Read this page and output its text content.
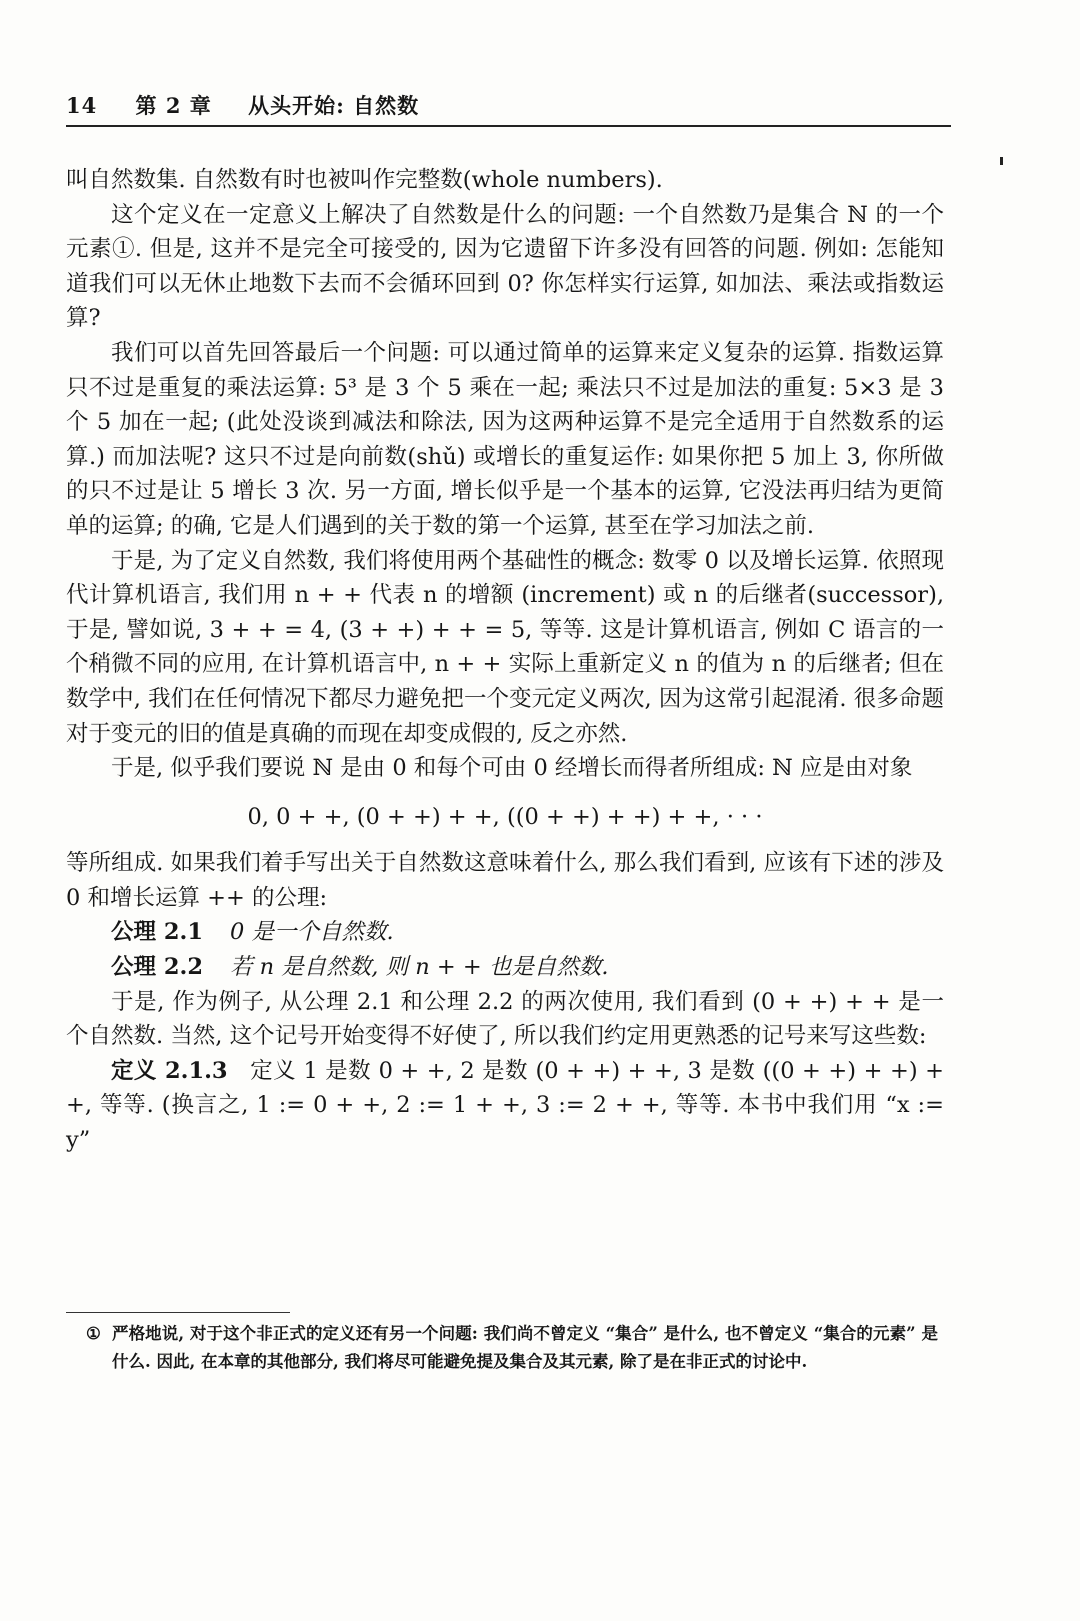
14 第 2 章 从头开始: 自然数

叫自然数集. 自然数有时也被叫作完整数(whole numbers).

这个定义在一定意义上解决了自然数是什么的问题: 一个自然数乃是集合 ℕ 的一个元素①. 但是, 这并不是完全可接受的, 因为它遗留下许多没有回答的问题. 例如: 怎能知道我们可以无休止地数下去而不会循环回到 0? 你怎样实行运算, 如加法、乘法或指数运算?

我们可以首先回答最后一个问题: 可以通过简单的运算来定义复杂的运算. 指数运算只不过是重复的乘法运算: 5³ 是 3 个 5 乘在一起; 乘法只不过是加法的重复: 5×3 是 3 个 5 加在一起; (此处没谈到减法和除法, 因为这两种运算不是完全适用于自然数系的运算.) 而加法呢? 这只不过是向前数(shǔ) 或增长的重复运作: 如果你把 5 加上 3, 你所做的只不过是让 5 增长 3 次. 另一方面, 增长似乎是一个基本的运算, 它没法再归结为更简单的运算; 的确, 它是人们遇到的关于数的第一个运算, 甚至在学习加法之前.

于是, 为了定义自然数, 我们将使用两个基础性的概念: 数零 0 以及增长运算. 依照现代计算机语言, 我们用 n + + 代表 n 的增额 (increment) 或 n 的后继者(successor), 于是, 譬如说, 3 + + = 4, (3 + +) + + = 5, 等等. 这是计算机语言, 例如 C 语言的一个稍微不同的应用, 在计算机语言中, n + + 实际上重新定义 n 的值为 n 的后继者; 但在数学中, 我们在任何情况下都尽力避免把一个变元定义两次, 因为这常引起混淆. 很多命题对于变元的旧的值是真确的而现在却变成假的, 反之亦然.

于是, 似乎我们要说 ℕ 是由 0 和每个可由 0 经增长而得者所组成: ℕ 应是由对象

0, 0 + +, (0 + +) + +, ((0 + +) + +) + +, · · ·

等所组成. 如果我们着手写出关于自然数这意味着什么, 那么我们看到, 应该有下述的涉及 0 和增长运算 ++ 的公理:

公理 2.1 0 是一个自然数.

公理 2.2 若 n 是自然数, 则 n + + 也是自然数.

于是, 作为例子, 从公理 2.1 和公理 2.2 的两次使用, 我们看到 (0 + +) + + 是一个自然数. 当然, 这个记号开始变得不好使了, 所以我们约定用更熟悉的记号来写这些数:

定义 2.1.3 定义 1 是数 0 + +, 2 是数 (0 + +) + +, 3 是数 ((0 + +) + +) + +, 等等. (换言之, 1 := 0 + +, 2 := 1 + +, 3 := 2 + +, 等等. 本书中我们用 “x := y”

① 严格地说, 对于这个非正式的定义还有另一个问题: 我们尚不曾定义 “集合” 是什么, 也不曾定义 “集合的元素” 是什么. 因此, 在本章的其他部分, 我们将尽可能避免提及集合及其元素, 除了是在非正式的讨论中.
